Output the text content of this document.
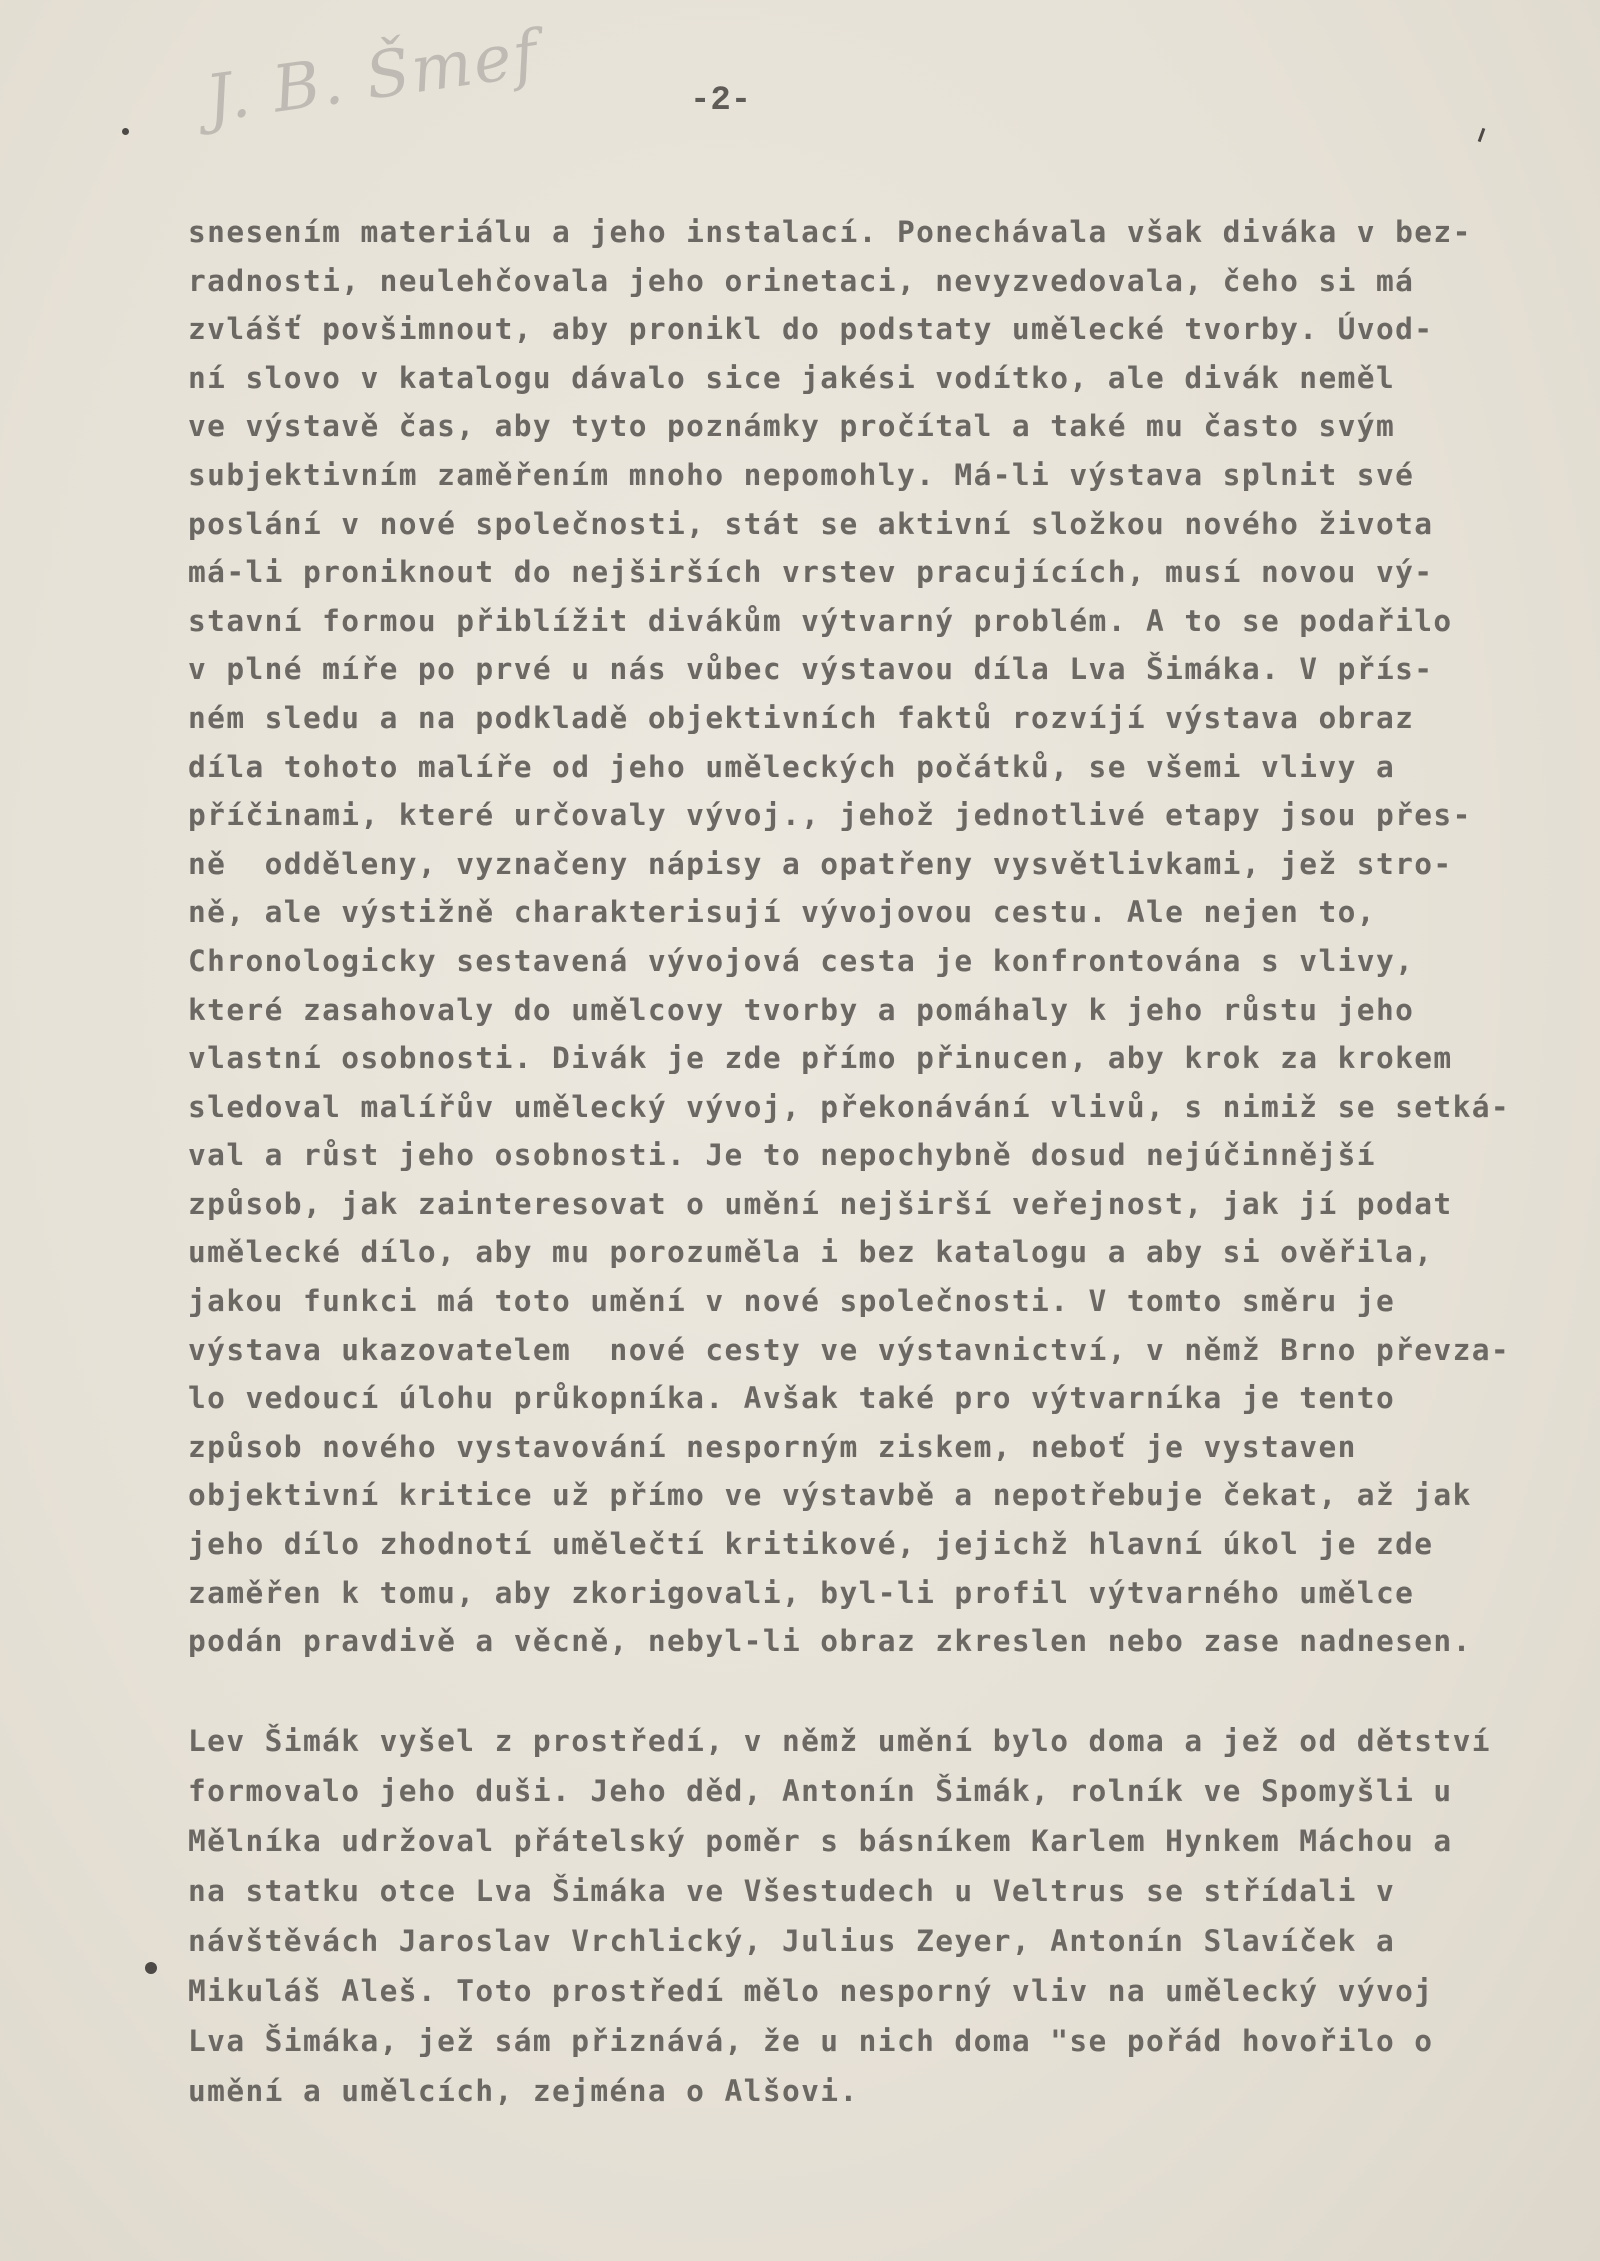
J. B. Šmef	-2-
snesením materiálu a jeho instalací. Ponechávala však diváka v bez-
radnosti, neulehčovala jeho orinetaci, nevyzvedovala, čeho si má
zvlášť povšimnout, aby pronikl do podstaty umělecké tvorby. Úvod-
ní slovo v katalogu dávalo sice jakési vodítko, ale divák neměl
ve výstavě čas, aby tyto poznámky pročítal a také mu často svým
subjektivním zaměřením mnoho nepomohly. Má-li výstava splnit své
poslání v nové společnosti, stát se aktivní složkou nového života
má-li proniknout do nejširších vrstev pracujících, musí novou vý-
stavní formou přiblížit divákům výtvarný problém. A to se podařilo
v plné míře po prvé u nás vůbec výstavou díla Lva Šimáka. V přís-
ném sledu a na podkladě objektivních faktů rozvíjí výstava obraz
díla tohoto malíře od jeho uměleckých počátků, se všemi vlivy a
příčinami, které určovaly vývoj., jehož jednotlivé etapy jsou přes-
ně  odděleny, vyznačeny nápisy a opatřeny vysvětlivkami, jež stro-
ně, ale výstižně charakterisují vývojovou cestu. Ale nejen to,
Chronologicky sestavená vývojová cesta je konfrontována s vlivy,
které zasahovaly do umělcovy tvorby a pomáhaly k jeho růstu jeho
vlastní osobnosti. Divák je zde přímo přinucen, aby krok za krokem
sledoval malířův umělecký vývoj, překonávání vlivů, s nimiž se setká-
val a růst jeho osobnosti. Je to nepochybně dosud nejúčinnější
způsob, jak zainteresovat o umění nejširší veřejnost, jak jí podat
umělecké dílo, aby mu porozuměla i bez katalogu a aby si ověřila,
jakou funkci má toto umění v nové společnosti. V tomto směru je
výstava ukazovatelem  nové cesty ve výstavnictví, v němž Brno převza-
lo vedoucí úlohu průkopníka. Avšak také pro výtvarníka je tento
způsob nového vystavování nesporným ziskem, neboť je vystaven
objektivní kritice už přímo ve výstavbě a nepotřebuje čekat, až jak
jeho dílo zhodnotí umělečtí kritikové, jejichž hlavní úkol je zde
zaměřen k tomu, aby zkorigovali, byl-li profil výtvarného umělce
podán pravdivě a věcně, nebyl-li obraz zkreslen nebo zase nadnesen.

Lev Šimák vyšel z prostředí, v němž umění bylo doma a jež od dětství
formovalo jeho duši. Jeho děd, Antonín Šimák, rolník ve Spomyšli u
Mělníka udržoval přátelský poměr s básníkem Karlem Hynkem Máchou a
na statku otce Lva Šimáka ve Všestudech u Veltrus se střídali v
návštěvách Jaroslav Vrchlický, Julius Zeyer, Antonín Slavíček a
Mikuláš Aleš. Toto prostředí mělo nesporný vliv na umělecký vývoj
Lva Šimáka, jež sám přiznává, že u nich doma "se pořád hovořilo o
umění a umělcích, zejména o Alšovi.
